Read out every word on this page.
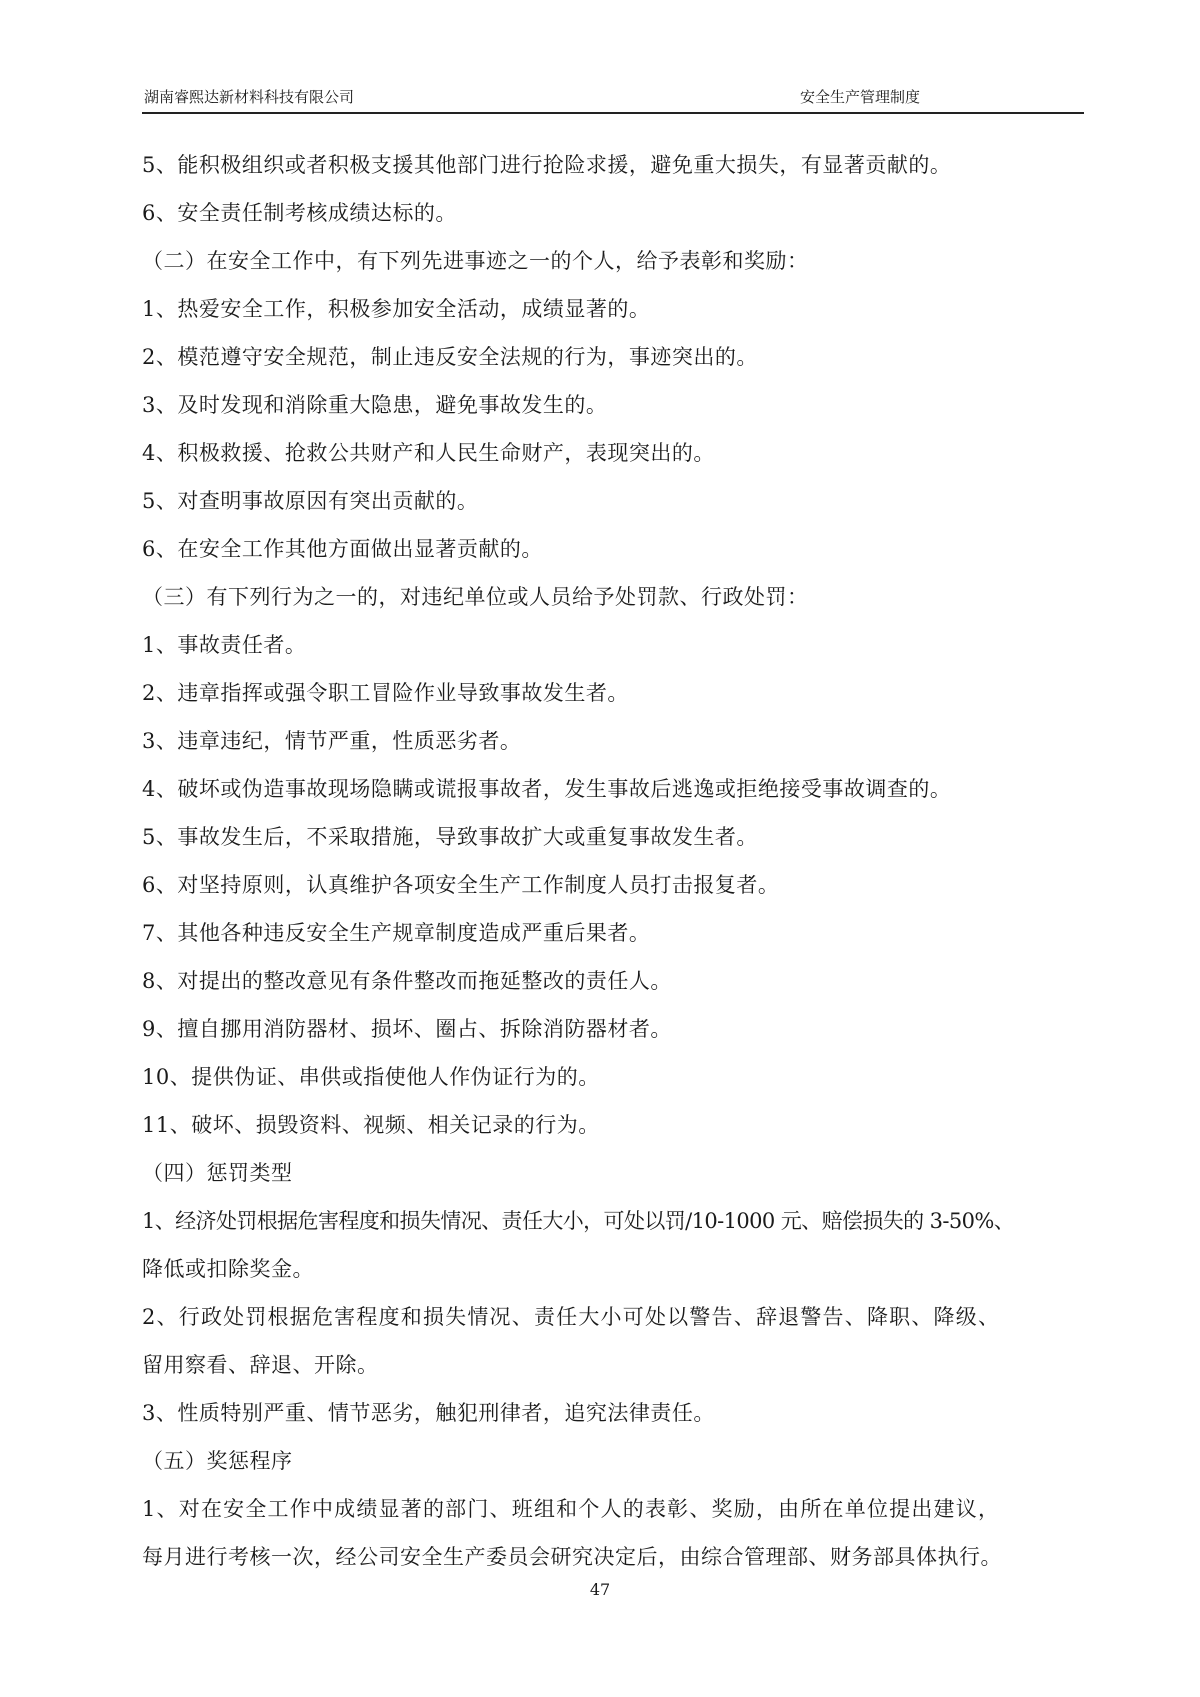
湖南睿熙达新材料科技有限公司	安全生产管理制度
5、能积极组织或者积极支援其他部门进行抢险求援，避免重大损失，有显著贡献的。
6、安全责任制考核成绩达标的。
（二）在安全工作中，有下列先进事迹之一的个人，给予表彰和奖励：
1、热爱安全工作，积极参加安全活动，成绩显著的。
2、模范遵守安全规范，制止违反安全法规的行为，事迹突出的。
3、及时发现和消除重大隐患，避免事故发生的。
4、积极救援、抢救公共财产和人民生命财产，表现突出的。
5、对查明事故原因有突出贡献的。
6、在安全工作其他方面做出显著贡献的。
（三）有下列行为之一的，对违纪单位或人员给予处罚款、行政处罚：
1、事故责任者。
2、违章指挥或强令职工冒险作业导致事故发生者。
3、违章违纪，情节严重，性质恶劣者。
4、破坏或伪造事故现场隐瞒或谎报事故者，发生事故后逃逸或拒绝接受事故调查的。
5、事故发生后，不采取措施，导致事故扩大或重复事故发生者。
6、对坚持原则，认真维护各项安全生产工作制度人员打击报复者。
7、其他各种违反安全生产规章制度造成严重后果者。
8、对提出的整改意见有条件整改而拖延整改的责任人。
9、擅自挪用消防器材、损坏、圈占、拆除消防器材者。
10、提供伪证、串供或指使他人作伪证行为的。
11、破坏、损毁资料、视频、相关记录的行为。
（四）惩罚类型
1、经济处罚根据危害程度和损失情况、责任大小，可处以罚/10-1000 元、赔偿损失的 3-50%、
降低或扣除奖金。
2、行政处罚根据危害程度和损失情况、责任大小可处以警告、辞退警告、降职、降级、
留用察看、辞退、开除。
3、性质特别严重、情节恶劣，触犯刑律者，追究法律责任。
（五）奖惩程序
1、对在安全工作中成绩显著的部门、班组和个人的表彰、奖励，由所在单位提出建议，
每月进行考核一次，经公司安全生产委员会研究决定后，由综合管理部、财务部具体执行。
47
